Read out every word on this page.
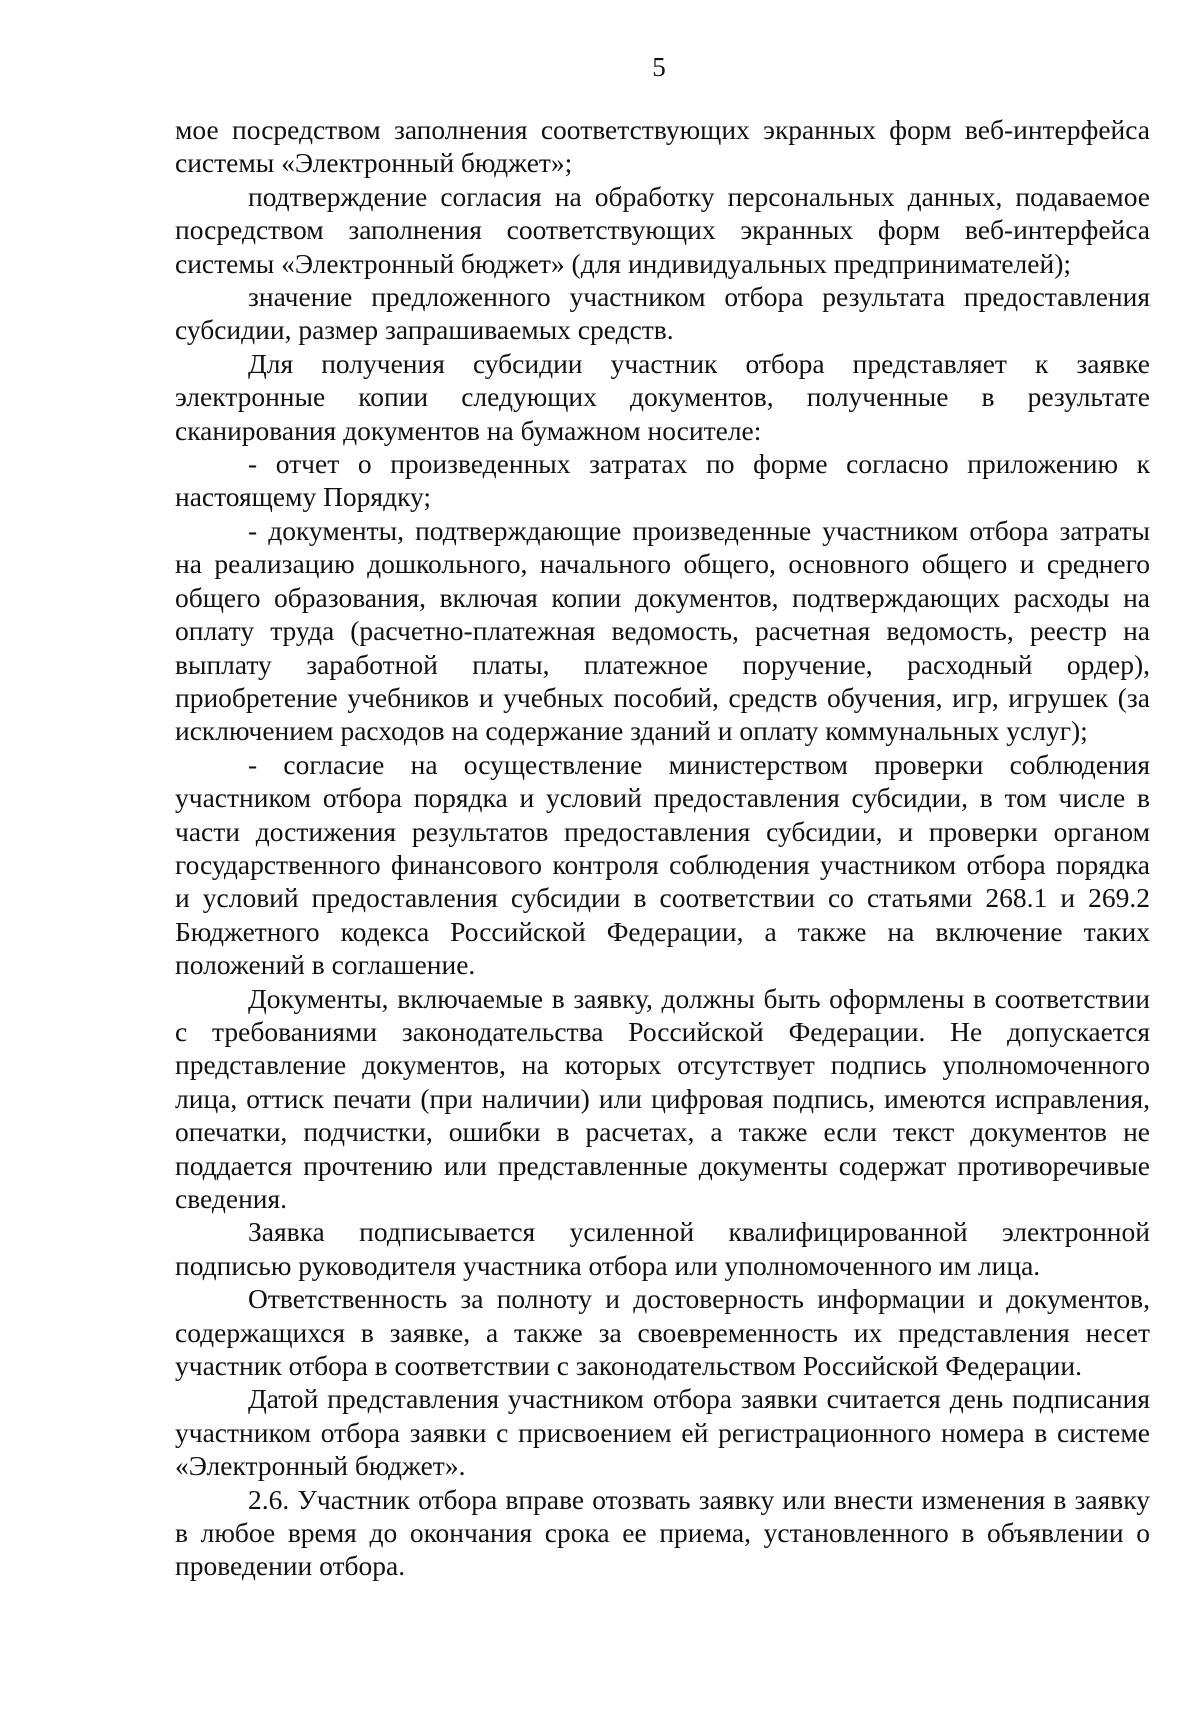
5

мое посредством заполнения соответствующих экранных форм веб-интерфейса системы «Электронный бюджет»;

подтверждение согласия на обработку персональных данных, подаваемое посредством заполнения соответствующих экранных форм веб-интерфейса системы «Электронный бюджет» (для индивидуальных предпринимателей);

значение предложенного участником отбора результата предоставления субсидии, размер запрашиваемых средств.

Для получения субсидии участник отбора представляет к заявке электронные копии следующих документов, полученные в результате сканирования документов на бумажном носителе:

- отчет о произведенных затратах по форме согласно приложению к настоящему Порядку;

- документы, подтверждающие произведенные участником отбора затраты на реализацию дошкольного, начального общего, основного общего и среднего общего образования, включая копии документов, подтверждающих расходы на оплату труда (расчетно-платежная ведомость, расчетная ведомость, реестр на выплату заработной платы, платежное поручение, расходный ордер), приобретение учебников и учебных пособий, средств обучения, игр, игрушек (за исключением расходов на содержание зданий и оплату коммунальных услуг);

- согласие на осуществление министерством проверки соблюдения участником отбора порядка и условий предоставления субсидии, в том числе в части достижения результатов предоставления субсидии, и проверки органом государственного финансового контроля соблюдения участником отбора порядка и условий предоставления субсидии в соответствии со статьями 268.1 и 269.2 Бюджетного кодекса Российской Федерации, а также на включение таких положений в соглашение.

Документы, включаемые в заявку, должны быть оформлены в соответствии с требованиями законодательства Российской Федерации. Не допускается представление документов, на которых отсутствует подпись уполномоченного лица, оттиск печати (при наличии) или цифровая подпись, имеются исправления, опечатки, подчистки, ошибки в расчетах, а также если текст документов не поддается прочтению или представленные документы содержат противоречивые сведения.

Заявка подписывается усиленной квалифицированной электронной подписью руководителя участника отбора или уполномоченного им лица.

Ответственность за полноту и достоверность информации и документов, содержащихся в заявке, а также за своевременность их представления несет участник отбора в соответствии с законодательством Российской Федерации.

Датой представления участником отбора заявки считается день подписания участником отбора заявки с присвоением ей регистрационного номера в системе «Электронный бюджет».

2.6. Участник отбора вправе отозвать заявку или внести изменения в заявку в любое время до окончания срока ее приема, установленного в объявлении о проведении отбора.
